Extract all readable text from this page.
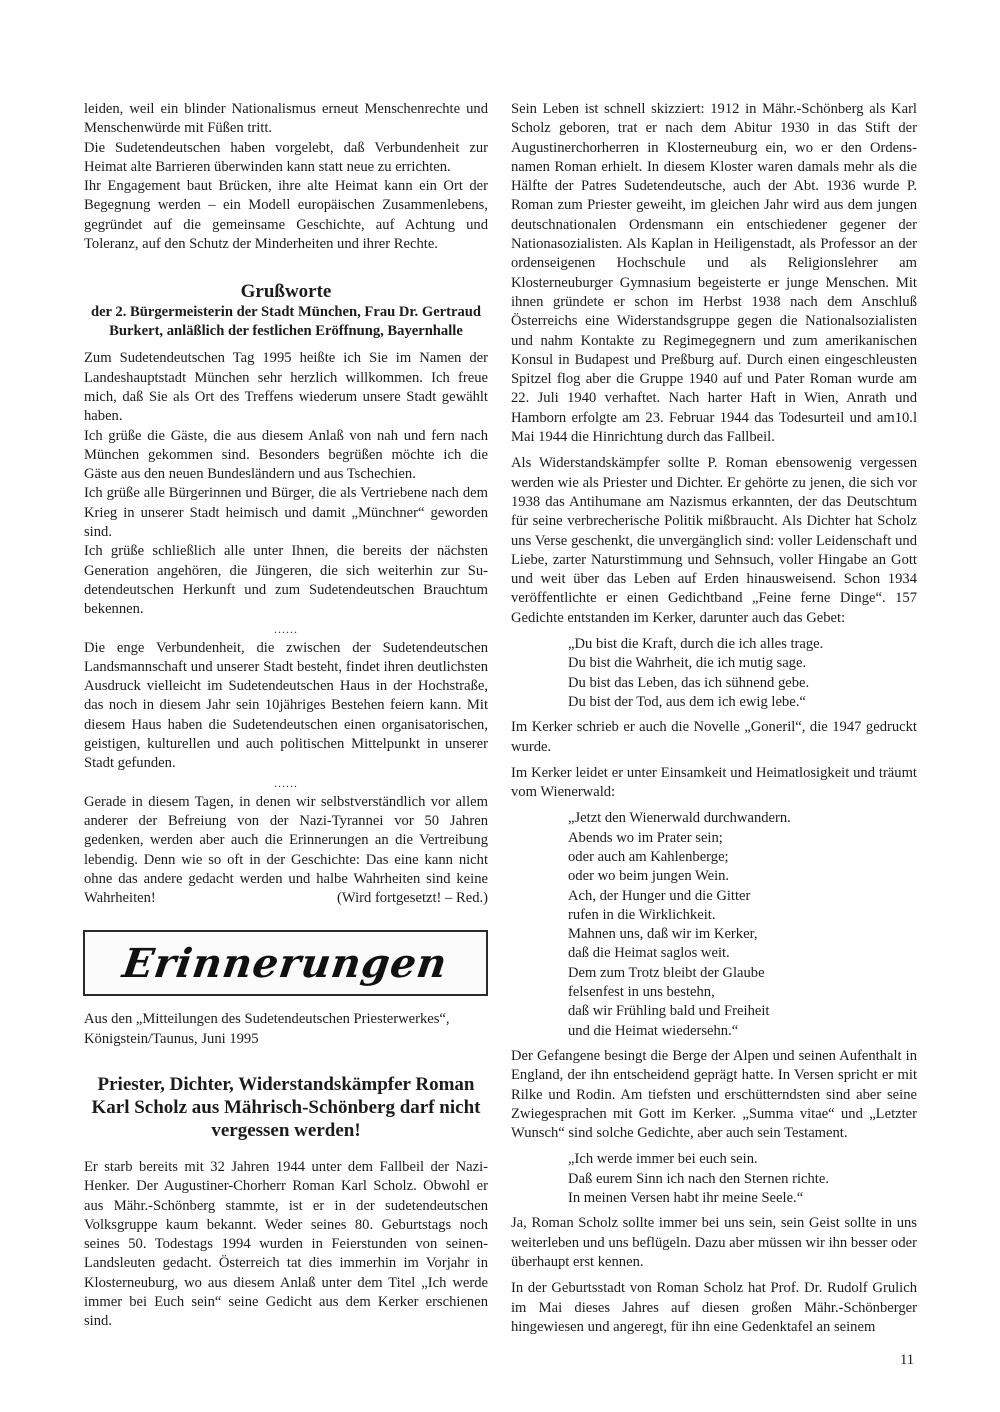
leiden, weil ein blinder Nationalismus erneut Menschenrechte und Menschenwürde mit Füßen tritt.

Die Sudetendeutschen haben vorgelebt, daß Verbundenheit zur Heimat alte Barrieren überwinden kann statt neue zu errichten.

Ihr Engagement baut Brücken, ihre alte Heimat kann ein Ort der Begegnung werden – ein Modell europäischen Zusammenlebens, gegründet auf die gemeinsame Geschichte, auf Achtung und Toleranz, auf den Schutz der Minderheiten und ihrer Rechte.

Grußworte
der 2. Bürgermeisterin der Stadt München, Frau Dr. Gertraud Burkert, anläßlich der festlichen Eröffnung, Bayernhalle

Zum Sudetendeutschen Tag 1995 heißte ich Sie im Namen der Landeshauptstadt München sehr herzlich willkommen. Ich freue mich, daß Sie als Ort des Treffens wiederum unsere Stadt gewählt haben.

Ich grüße die Gäste, die aus diesem Anlaß von nah und fern nach München gekommen sind. Besonders begrüßen möchte ich die Gäste aus den neuen Bundesländern und aus Tschechien.

Ich grüße alle Bürgerinnen und Bürger, die als Vertriebene nach dem Krieg in unserer Stadt heimisch und damit „Münchner“ geworden sind.

Ich grüße schließlich alle unter Ihnen, die bereits der nächsten Generation angehören, die Jüngeren, die sich weiterhin zur Sudetendeutschen Herkunft und zum Sudetendeutschen Brauchtum bekennen.

......

Die enge Verbundenheit, die zwischen der Sudetendeutschen Landsmannschaft und unserer Stadt besteht, findet ihren deutlichsten Ausdruck vielleicht im Sudetendeutschen Haus in der Hochstraße, das noch in diesem Jahr sein 10jähriges Bestehen feiern kann. Mit diesem Haus haben die Sudetendeutschen einen organisatorischen, geistigen, kulturellen und auch politischen Mittelpunkt in unserer Stadt gefunden.

......

Gerade in diesem Tagen, in denen wir selbstverständlich vor allem anderer der Befreiung von der Nazi-Tyrannei vor 50 Jahren gedenken, werden aber auch die Erinnerungen an die Vertreibung lebendig. Denn wie so oft in der Geschichte: Das eine kann nicht ohne das andere gedacht werden und halbe Wahrheiten sind keine Wahrheiten!	(Wird fortgesetzt! – Red.)

Erinnerungen

Aus den „Mitteilungen des Sudetendeutschen Priesterwerkes“, Königstein/Taunus, Juni 1995

Priester, Dichter, Widerstandskämpfer Roman Karl Scholz aus Mährisch-Schönberg darf nicht vergessen werden!

Er starb bereits mit 32 Jahren 1944 unter dem Fallbeil der Nazi-Henker. Der Augustiner-Chorherr Roman Karl Scholz. Obwohl er aus Mähr.-Schönberg stammte, ist er in der sudetendeutschen Volksgruppe kaum bekannt. Weder seines 80. Geburtstags noch seines 50. Todestags 1994 wurden in Feierstunden von seinenLandsleuten gedacht. Österreich tat dies immerhin im Vorjahr in Klosterneuburg, wo aus diesem Anlaß unter dem Titel „Ich werde immer bei Euch sein“ seine Gedicht aus dem Kerker erschienen sind.

Sein Leben ist schnell skizziert: 1912 in Mähr.-Schönberg als Karl Scholz geboren, trat er nach dem Abitur 1930 in das Stift der Augustinerchorherren in Klosterneuburg ein, wo er den Ordensnamen Roman erhielt. In diesem Kloster waren damals mehr als die Hälfte der Patres Sudetendeutsche, auch der Abt. 1936 wurde P. Roman zum Priester geweiht, im gleichen Jahr wird aus dem jungen deutschnationalen Ordensmann ein entschiedener gegener der Nationasozialisten. Als Kaplan in Heiligenstadt, als Professor an der ordenseigenen Hochschule und als Religionslehrer am Klosterneuburger Gymnasium begeisterte er junge Menschen. Mit ihnen gründete er schon im Herbst 1938 nach dem Anschluß Österreichs eine Widerstandsgruppe gegen die Nationalsozialisten und nahm Kontakte zu Regimegegnern und zum amerikanischen Konsul in Budapest und Preßburg auf. Durch einen eingeschleusten Spitzel flog aber die Gruppe 1940 auf und Pater Roman wurde am 22. Juli 1940 verhaftet. Nach harter Haft in Wien, Anrath und Hamborn erfolgte am 23. Februar 1944 das Todesurteil und am10.l Mai 1944 die Hinrichtung durch das Fallbeil.

Als Widerstandskämpfer sollte P. Roman ebensowenig vergessen werden wie als Priester und Dichter. Er gehörte zu jenen, die sich vor 1938 das Antihumane am Nazismus erkannten, der das Deutschtum für seine verbrecherische Politik mißbraucht. Als Dichter hat Scholz uns Verse geschenkt, die unvergänglich sind: voller Leidenschaft und Liebe, zarter Naturstimmung und Sehnsuch, voller Hingabe an Gott und weit über das Leben auf Erden hinausweisend. Schon 1934 veröffentlichte er einen Gedichtband „Feine ferne Dinge“. 157 Gedichte entstanden im Kerker, darunter auch das Gebet:

„Du bist die Kraft, durch die ich alles trage.
Du bist die Wahrheit, die ich mutig sage.
Du bist das Leben, das ich sühnend gebe.
Du bist der Tod, aus dem ich ewig lebe.“

Im Kerker schrieb er auch die Novelle „Goneril“, die 1947 gedruckt wurde.

Im Kerker leidet er unter Einsamkeit und Heimatlosigkeit und träumt vom Wienerwald:

„Jetzt den Wienerwald durchwandern.
Abends wo im Prater sein;
oder auch am Kahlenberge;
oder wo beim jungen Wein.
Ach, der Hunger und die Gitter
rufen in die Wirklichkeit.
Mahnen uns, daß wir im Kerker,
daß die Heimat saglos weit.
Dem zum Trotz bleibt der Glaube
felsenfest in uns bestehn,
daß wir Frühling bald und Freiheit
und die Heimat wiedersehn.“

Der Gefangene besingt die Berge der Alpen und seinen Aufenthalt in England, der ihn entscheidend geprägt hatte. In Versen spricht er mit Rilke und Rodin. Am tiefsten und erschütterndsten sind aber seine Zwiegesprachen mit Gott im Kerker. „Summa vitae“ und „Letzter Wunsch“ sind solche Gedichte, aber auch sein Testament.

„Ich werde immer bei euch sein.
Daß eurem Sinn ich nach den Sternen richte.
In meinen Versen habt ihr meine Seele.“

Ja, Roman Scholz sollte immer bei uns sein, sein Geist sollte in uns weiterleben und uns beflügeln. Dazu aber müssen wir ihn besser oder überhaupt erst kennen.

In der Geburtsstadt von Roman Scholz hat Prof. Dr. Rudolf Grulich im Mai dieses Jahres auf diesen großen Mähr.-Schönberger hingewiesen und angeregt, für ihn eine Gedenktafel an seinem

11
